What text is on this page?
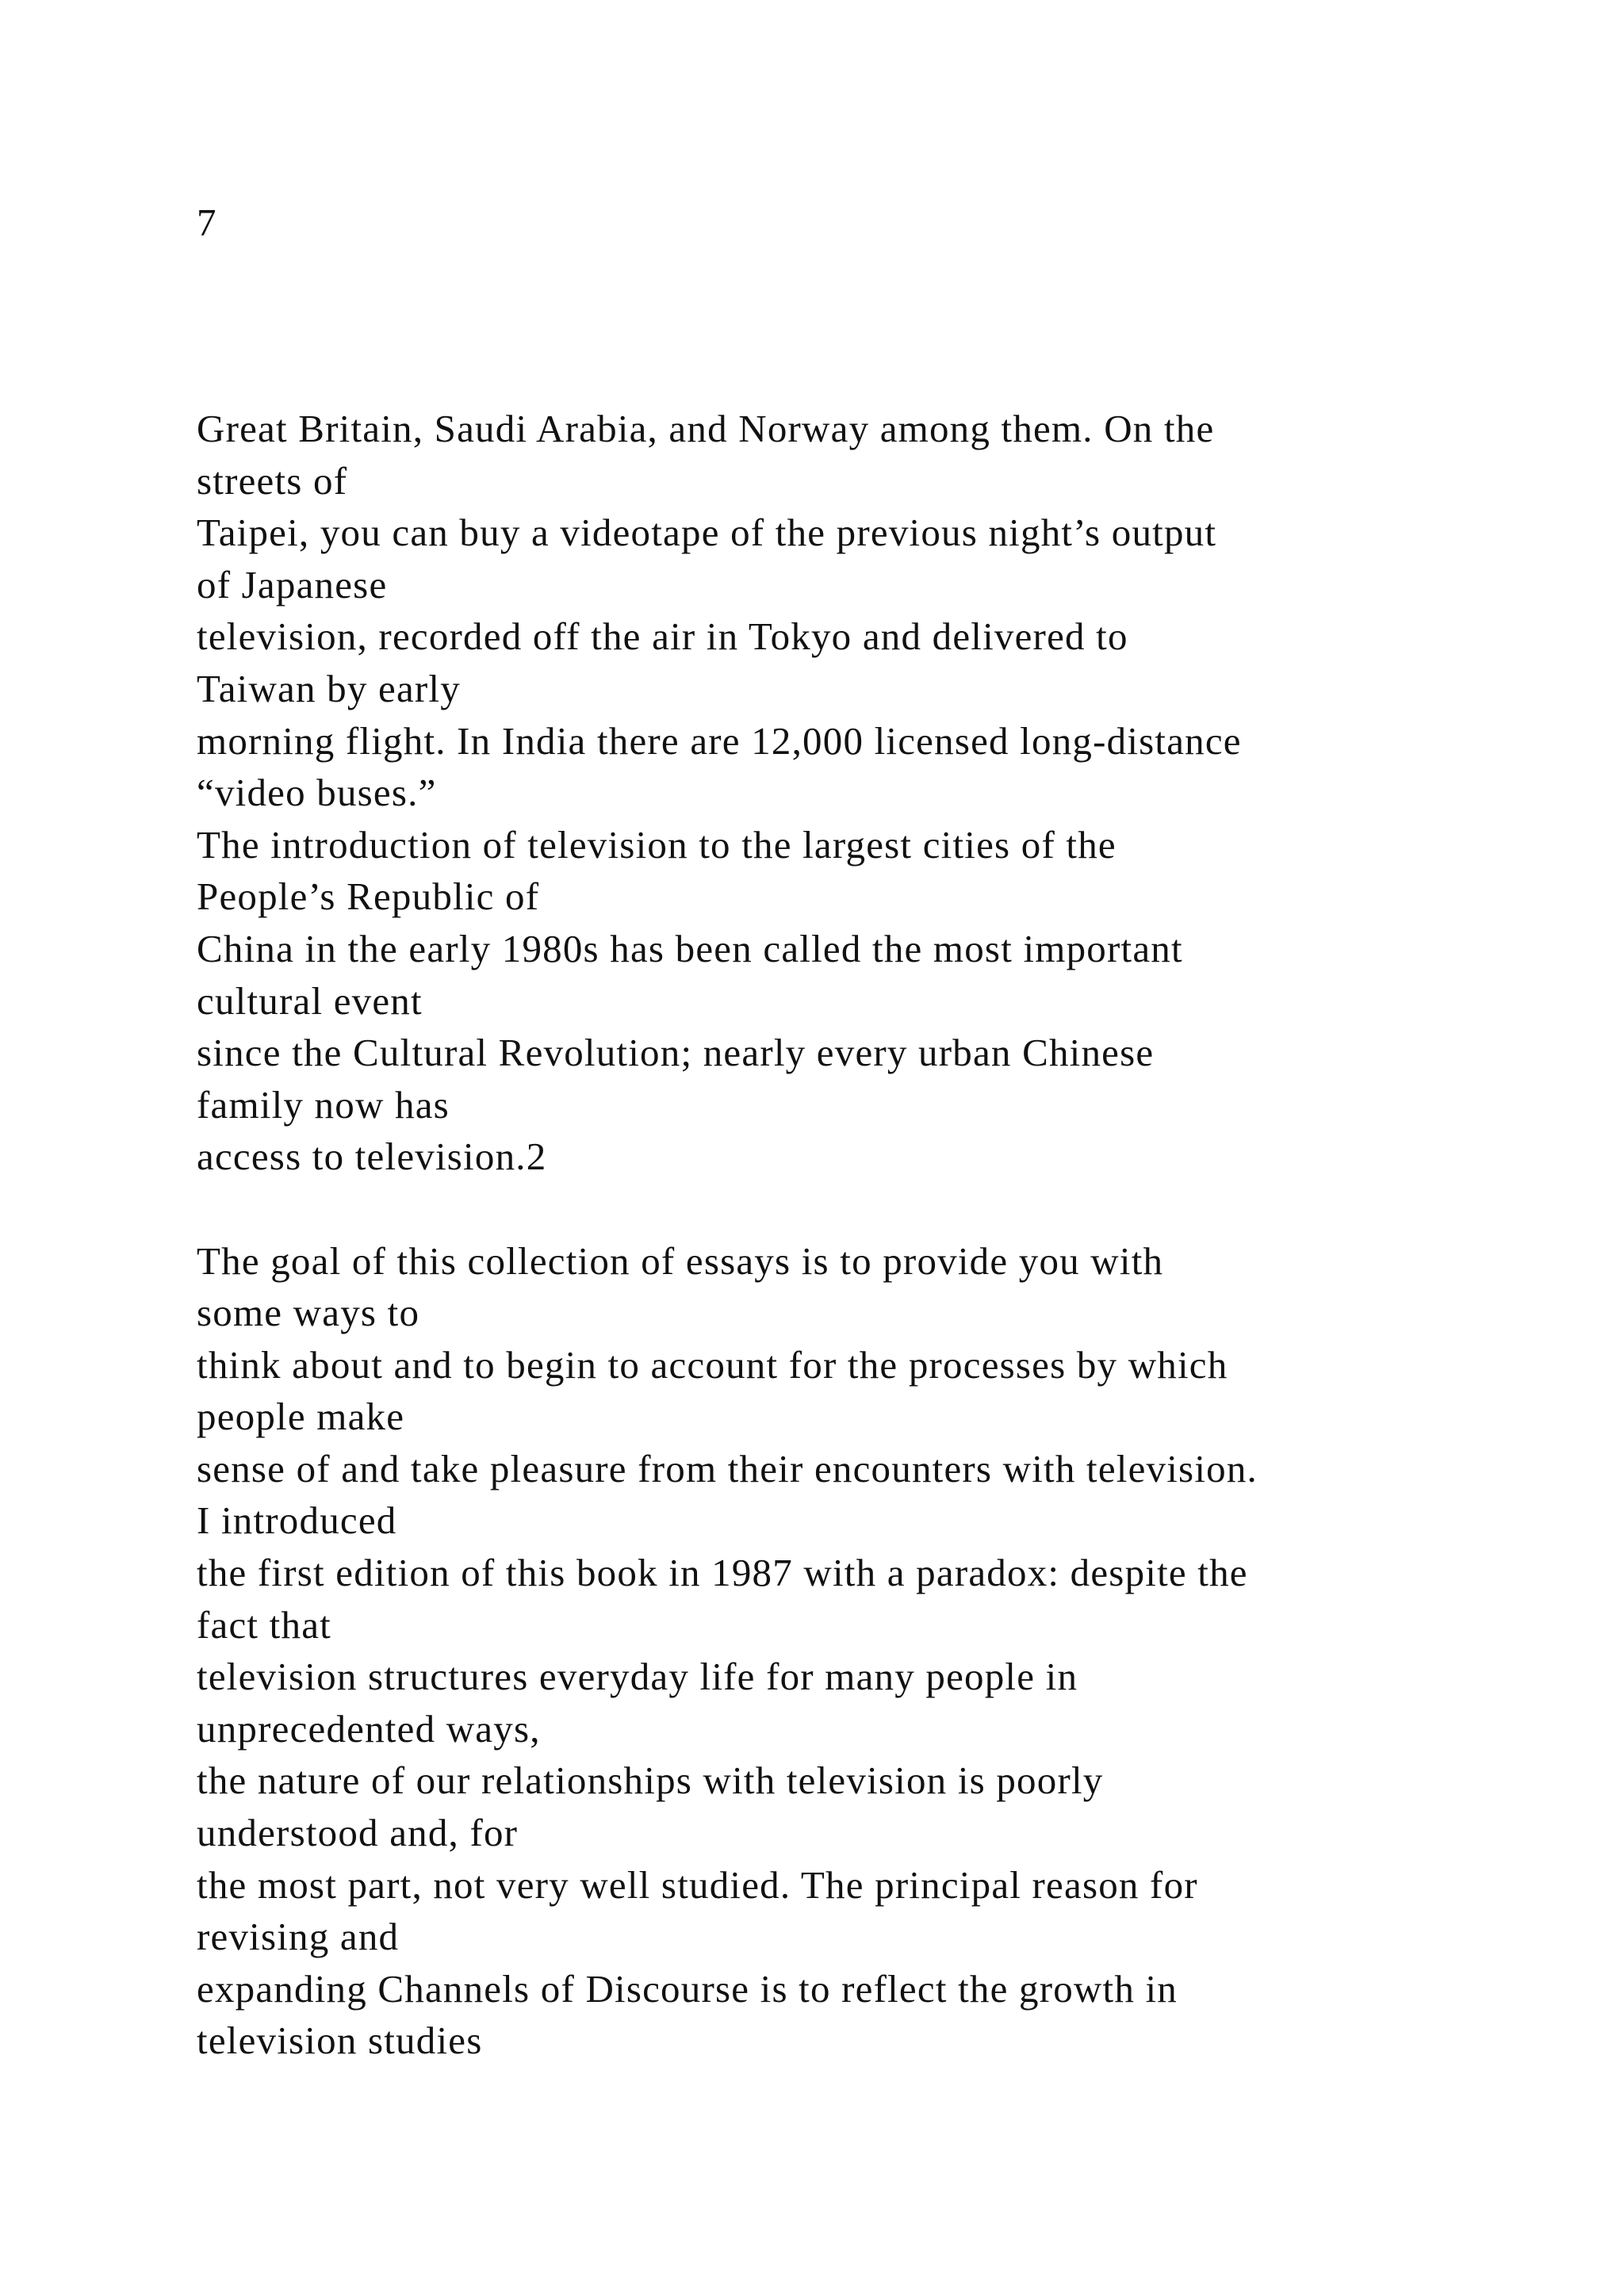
7
Great Britain, Saudi Arabia, and Norway among them. On the
streets of
Taipei, you can buy a videotape of the previous night’s output
of Japanese
television, recorded off the air in Tokyo and delivered to
Taiwan by early
morning flight. In India there are 12,000 licensed long-distance
“video buses.”
The introduction of television to the largest cities of the
People’s Republic of
China in the early 1980s has been called the most important
cultural event
since the Cultural Revolution; nearly every urban Chinese
family now has
access to television.2
The goal of this collection of essays is to provide you with
some ways to
think about and to begin to account for the processes by which
people make
sense of and take pleasure from their encounters with television.
I introduced
the first edition of this book in 1987 with a paradox: despite the
fact that
television structures everyday life for many people in
unprecedented ways,
the nature of our relationships with television is poorly
understood and, for
the most part, not very well studied. The principal reason for
revising and
expanding Channels of Discourse is to reflect the growth in
television studies
